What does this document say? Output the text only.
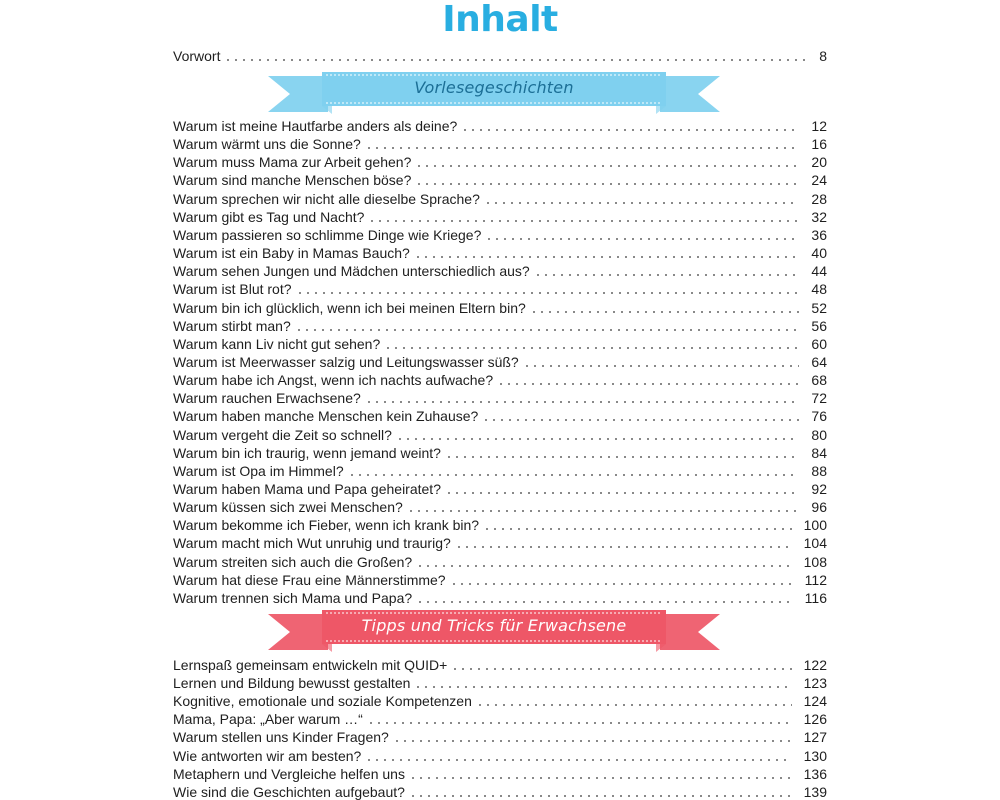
Inhalt
Vorwort	8
Vorlesegeschichten
Warum ist meine Hautfarbe anders als deine?	12
Warum wärmt uns die Sonne?	16
Warum muss Mama zur Arbeit gehen?	20
Warum sind manche Menschen böse?	24
Warum sprechen wir nicht alle dieselbe Sprache?	28
Warum gibt es Tag und Nacht?	32
Warum passieren so schlimme Dinge wie Kriege?	36
Warum ist ein Baby in Mamas Bauch?	40
Warum sehen Jungen und Mädchen unterschiedlich aus?	44
Warum ist Blut rot?	48
Warum bin ich glücklich, wenn ich bei meinen Eltern bin?	52
Warum stirbt man?	56
Warum kann Liv nicht gut sehen?	60
Warum ist Meerwasser salzig und Leitungswasser süß?	64
Warum habe ich Angst, wenn ich nachts aufwache?	68
Warum rauchen Erwachsene?	72
Warum haben manche Menschen kein Zuhause?	76
Warum vergeht die Zeit so schnell?	80
Warum bin ich traurig, wenn jemand weint?	84
Warum ist Opa im Himmel?	88
Warum haben Mama und Papa geheiratet?	92
Warum küssen sich zwei Menschen?	96
Warum bekomme ich Fieber, wenn ich krank bin?	100
Warum macht mich Wut unruhig und traurig?	104
Warum streiten sich auch die Großen?	108
Warum hat diese Frau eine Männerstimme?	112
Warum trennen sich Mama und Papa?	116
Tipps und Tricks für Erwachsene
Lernspaß gemeinsam entwickeln mit QUID+	122
Lernen und Bildung bewusst gestalten	123
Kognitive, emotionale und soziale Kompetenzen	124
Mama, Papa: „Aber warum …“	126
Warum stellen uns Kinder Fragen?	127
Wie antworten wir am besten?	130
Metaphern und Vergleiche helfen uns	136
Wie sind die Geschichten aufgebaut?	139
